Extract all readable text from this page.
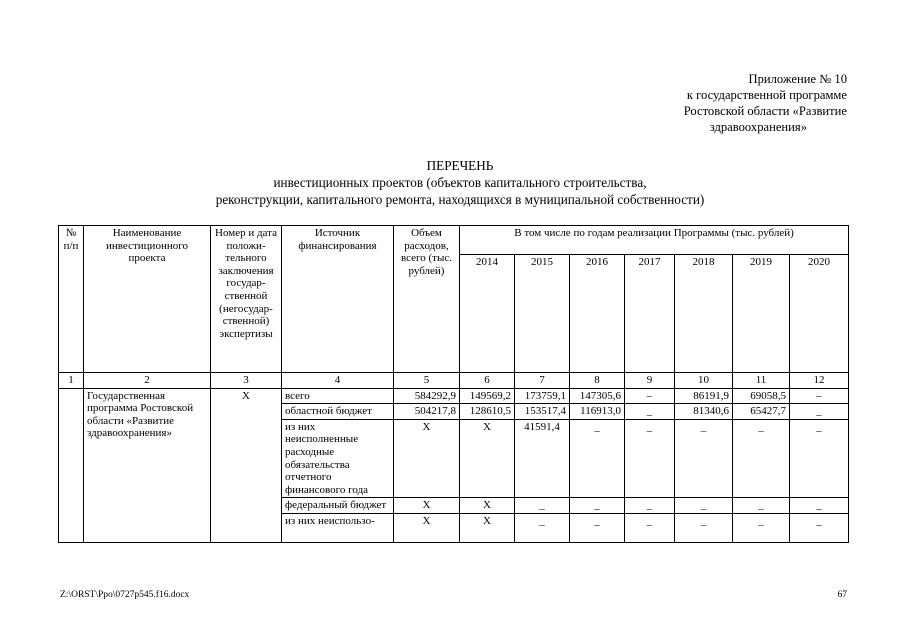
Приложение № 10
к государственной программе
Ростовской области «Развитие
здравоохранения»
ПЕРЕЧЕНЬ
инвестиционных проектов (объектов капитального строительства,
реконструкции, капитального ремонта, находящихся в муниципальной собственности)
№ п/п	Наименование инвестиционного проекта	Номер и дата положи-тельного заключения государ-ственной (негосудар-ственной) экспертизы	Источник финансирования	Объем расходов, всего (тыс. рублей)	В том числе по годам реализации Программы (тыс. рублей)						
					2014	2015	2016	2017	2018	2019	2020
1	2	3	4	5	6	7	8	9	10	11	12
	Государственная программа Ростовской области «Развитие здравоохранения»	Х	всего	584292,9	149569,2	173759,1	147305,6	–	86191,9	69058,5	–
			областной бюджет	504217,8	128610,5	153517,4	116913,0	_	81340,6	65427,7	_
			из них неисполненные расходные обязательства отчетного финансового года	Х	Х	41591,4	_	_	_	_	_
			федеральный бюджет	Х	Х	_	_	_	_	_	_
			из них неиспользо-	Х	Х	_	_	_	_	_	_
Z:\ORST\Ppo\0727p545.f16.docx	67
